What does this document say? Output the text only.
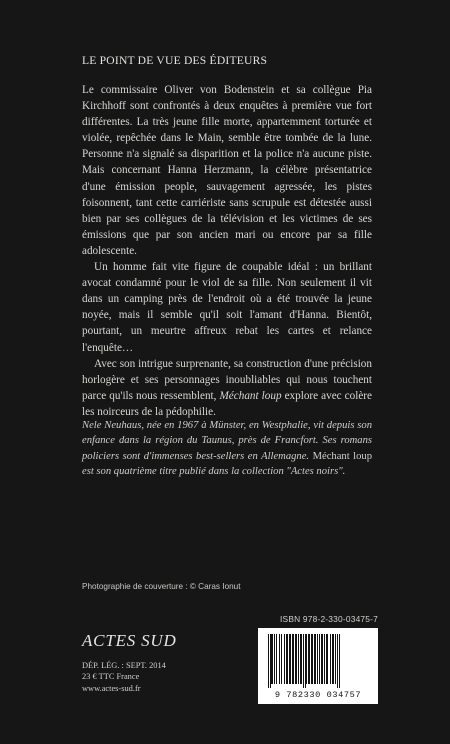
LE POINT DE VUE DES ÉDITEURS

Le commissaire Oliver von Bodenstein et sa collègue Pia Kirchhoff sont confrontés à deux enquêtes à première vue fort différentes. La très jeune fille morte, appartemment torturée et violée, repêchée dans le Main, semble être tombée de la lune. Personne n'a signalé sa disparition et la police n'a aucune piste. Mais concernant Hanna Herzmann, la célèbre présentatrice d'une émission people, sauvagement agressée, les pistes foisonnent, tant cette carriériste sans scrupule est détestée aussi bien par ses collègues de la télévision et les victimes de ses émissions que par son ancien mari ou encore par sa fille adolescente.

Un homme fait vite figure de coupable idéal : un brillant avocat condamné pour le viol de sa fille. Non seulement il vit dans un camping près de l'endroit où a été trouvée la jeune noyée, mais il semble qu'il soit l'amant d'Hanna. Bientôt, pourtant, un meurtre affreux rebat les cartes et relance l'enquête…

Avec son intrigue surprenante, sa construction d'une précision horlogère et ses personnages inoubliables qui nous touchent parce qu'ils nous ressemblent, Méchant loup explore avec colère les noirceurs de la pédophilie.

Nele Neuhaus, née en 1967 à Münster, en Westphalie, vit depuis son enfance dans la région du Taunus, près de Francfort. Ses romans policiers sont d'immenses best-sellers en Allemagne. Méchant loup est son quatrième titre publié dans la collection "Actes noirs".

Photographie de couverture : © Caras Ionut
ISBN 978-2-330-03475-7
ACTES SUD
DÉP. LÉG. : SEPT. 2014
23 € TTC France
www.actes-sud.fr
9 782330 034757
